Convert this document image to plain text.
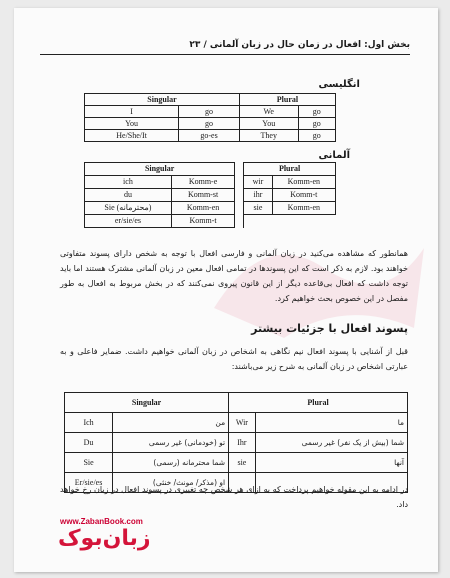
بخش اول: افعال در زمان حال در زبان آلمانی / ۲۳
انگلیسی
Singular		Plural	
I	go	We	go
You	go	You	go
He/She/It	go-es	They	go
آلمانی
Singular			Plural	
ich	Komm-e		wir	Komm-en
du	Komm-st		ihr	Komm-t
Sie (محترمانه)	Komm-en		sie	Komm-en
er/sie/es	Komm-t			
همانطور که مشاهده می‌کنید در زبان آلمانی و فارسی افعال با توجه به شخص دارای پسوند متفاوتی خواهند بود. لازم به ذکر است که این پسوندها در تمامی افعال معین در زبان آلمانی مشترک هستند اما باید توجه داشت که افعال بی‌قاعده دیگر از این قانون پیروی نمی‌کنند که در بخش مربوط به افعال به طور مفصل در این خصوص بحث خواهیم کرد.
پسوند افعال با جزئیات بیشتر
قبل از آشنایی با پسوند افعال نیم نگاهی به اشخاص در زبان آلمانی خواهیم داشت. ضمایر فاعلی و به عبارتی اشخاص در زبان آلمانی به شرح زیر می‌باشند:
Singular		Plural	
Ich	من	Wir	ما
Du	تو (خودمانی) غیر رسمی	Ihr	شما (بیش از یک نفر) غیر رسمی
Sie	شما محترمانه (رسمی)	sie	آنها
Er/sie/es	او (مذکر/ مونث/ خنثی)		
در ادامه به این مقوله خواهیم پرداخت که به ازای هر شخص چه تغییری در پسوند افعال در زبان رخ خواهد داد.
www.ZabanBook.com
زبان‌بوک
